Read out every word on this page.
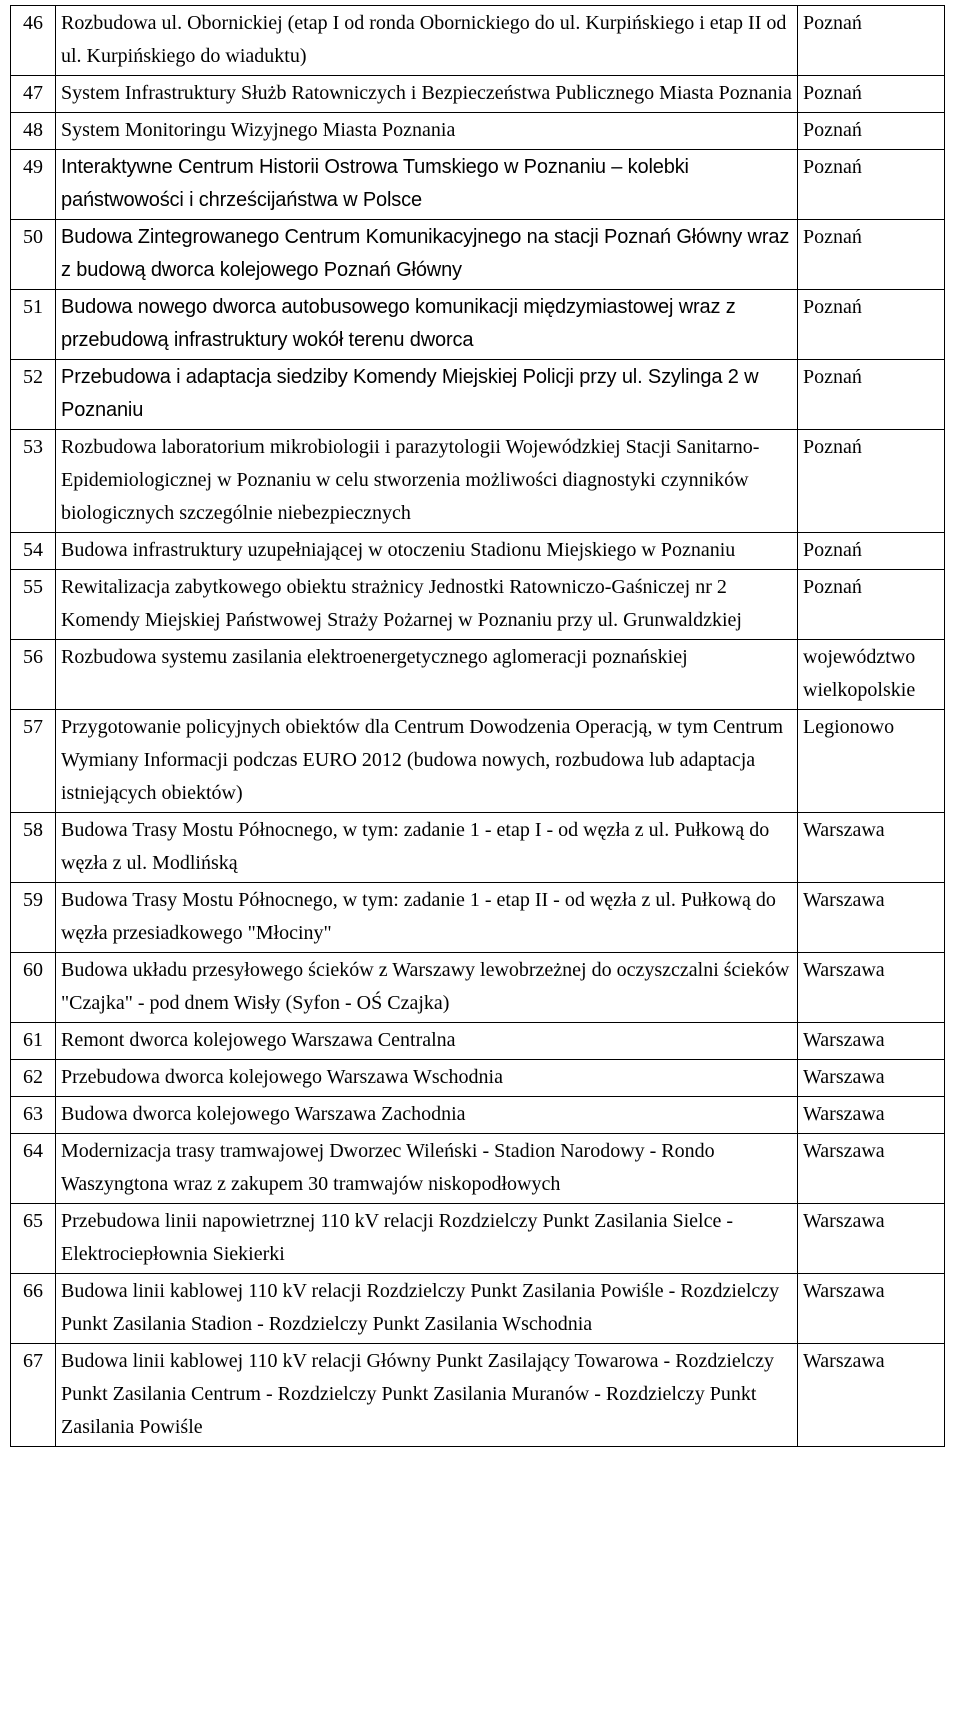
46	Rozbudowa ul. Obornickiej (etap I od ronda Obornickiego do ul. Kurpińskiego i etap II od ul. Kurpińskiego do wiaduktu)	Poznań
47	System Infrastruktury Służb Ratowniczych i Bezpieczeństwa Publicznego Miasta Poznania	Poznań
48	System Monitoringu Wizyjnego Miasta Poznania	Poznań
49	Interaktywne Centrum Historii Ostrowa Tumskiego w Poznaniu – kolebki państwowości i chrześcijaństwa w Polsce	Poznań
50	Budowa Zintegrowanego Centrum Komunikacyjnego na stacji Poznań Główny wraz z budową dworca kolejowego Poznań Główny	Poznań
51	Budowa nowego dworca autobusowego komunikacji międzymiastowej wraz z przebudową infrastruktury wokół terenu dworca	Poznań
52	Przebudowa i adaptacja siedziby Komendy Miejskiej Policji przy ul. Szylinga 2 w Poznaniu	Poznań
53	Rozbudowa laboratorium mikrobiologii i parazytologii Wojewódzkiej Stacji Sanitarno-Epidemiologicznej w Poznaniu w celu stworzenia możliwości diagnostyki czynników biologicznych szczególnie niebezpiecznych	Poznań
54	Budowa infrastruktury uzupełniającej w otoczeniu Stadionu Miejskiego w Poznaniu	Poznań
55	Rewitalizacja zabytkowego obiektu strażnicy Jednostki Ratowniczo-Gaśniczej nr 2 Komendy Miejskiej Państwowej Straży Pożarnej w Poznaniu przy ul. Grunwaldzkiej	Poznań
56	Rozbudowa systemu zasilania elektroenergetycznego aglomeracji poznańskiej	województwo wielkopolskie
57	Przygotowanie policyjnych obiektów dla Centrum Dowodzenia Operacją, w tym Centrum Wymiany Informacji podczas EURO 2012 (budowa nowych, rozbudowa lub adaptacja istniejących obiektów)	Legionowo
58	Budowa Trasy Mostu Północnego, w tym: zadanie 1 - etap I - od węzła z ul. Pułkową do węzła z ul. Modlińską	Warszawa
59	Budowa Trasy Mostu Północnego, w tym: zadanie 1 - etap II - od węzła z ul. Pułkową do węzła przesiadkowego "Młociny"	Warszawa
60	Budowa układu przesyłowego ścieków z Warszawy lewobrzeżnej do oczyszczalni ścieków "Czajka" - pod dnem Wisły (Syfon - OŚ Czajka)	Warszawa
61	Remont dworca kolejowego Warszawa Centralna	Warszawa
62	Przebudowa dworca kolejowego Warszawa Wschodnia	Warszawa
63	Budowa dworca kolejowego Warszawa Zachodnia	Warszawa
64	Modernizacja trasy tramwajowej Dworzec Wileński - Stadion Narodowy - Rondo Waszyngtona wraz z zakupem 30 tramwajów niskopodłowych	Warszawa
65	Przebudowa linii napowietrznej 110 kV relacji Rozdzielczy Punkt Zasilania Sielce - Elektrociepłownia Siekierki	Warszawa
66	Budowa linii kablowej 110 kV relacji Rozdzielczy Punkt Zasilania Powiśle - Rozdzielczy Punkt Zasilania Stadion - Rozdzielczy Punkt Zasilania Wschodnia	Warszawa
67	Budowa linii kablowej 110 kV relacji Główny Punkt Zasilający Towarowa - Rozdzielczy Punkt Zasilania Centrum - Rozdzielczy Punkt Zasilania Muranów - Rozdzielczy Punkt Zasilania Powiśle	Warszawa
